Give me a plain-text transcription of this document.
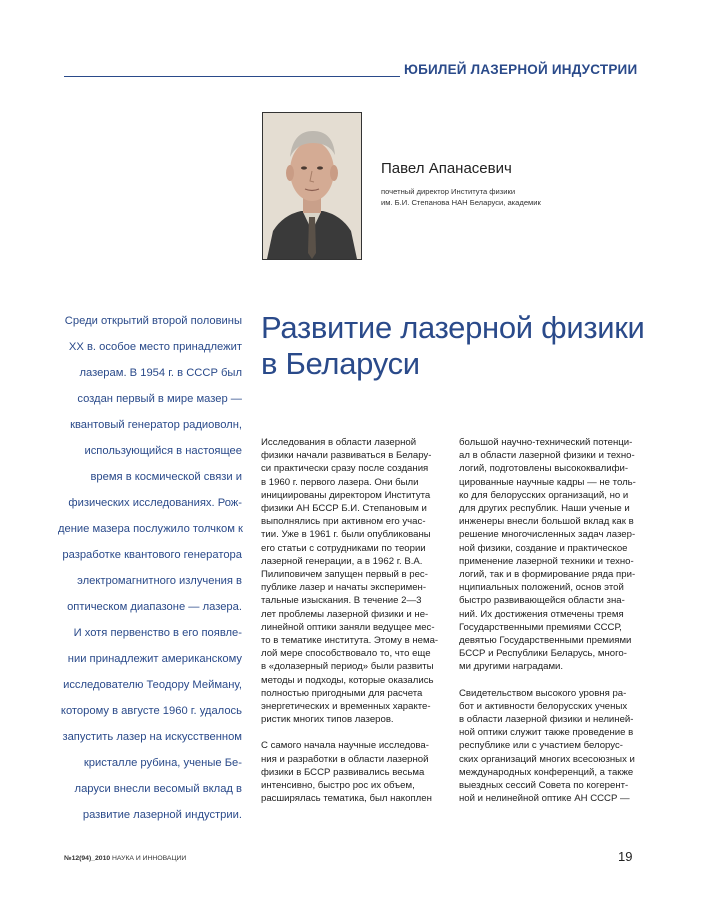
ЮБИЛЕЙ ЛАЗЕРНОЙ ИНДУСТРИИ
Павел Апанасевич
почетный директор Института физики
им. Б.И. Степанова НАН Беларуси, академик
Среди открытий второй половины
XX в. особое место принадлежит
лазерам. В 1954 г. в СССР был
создан первый в мире мазер —
квантовый генератор радиоволн,
использующийся в настоящее
время в космической связи и
физических исследованиях. Рож-
дение мазера послужило толчком к
разработке квантового генератора
электромагнитного излучения в
оптическом диапазоне — лазера.
И хотя первенство в его появле-
нии принадлежит американскому
исследователю Теодору Мейману,
которому в августе 1960 г. удалось
запустить лазер на искусственном
кристалле рубина, ученые Бе-
ларуси внесли весомый вклад в
развитие лазерной индустрии.
Развитие лазерной физики
в Беларуси
Исследования в области лазерной
физики начали развиваться в Белару-
си практически сразу после создания
в 1960 г. первого лазера. Они были
инициированы директором Института
физики АН БССР Б.И. Степановым и
выполнялись при активном его учас-
тии. Уже в 1961 г. были опубликованы
его статьи с сотрудниками по теории
лазерной генерации, а в 1962 г. В.А.
Пилиповичем запущен первый в рес-
публике лазер и начаты эксперимен-
тальные изыскания. В течение 2—3
лет проблемы лазерной физики и не-
линейной оптики заняли ведущее мес-
то в тематике института. Этому в нема-
лой мере способствовало то, что еще
в «долазерный период» были развиты
методы и подходы, которые оказались
полностью пригодными для расчета
энергетических и временных характе-
ристик многих типов лазеров.
С самого начала научные исследова-
ния и разработки в области лазерной
физики в БССР развивались весьма
интенсивно, быстро рос их объем,
расширялась тематика, был накоплен
большой научно-технический потенци-
ал в области лазерной физики и техно-
логий, подготовлены высококвалифи-
цированные научные кадры — не толь-
ко для белорусских организаций, но и
для других республик. Наши ученые и
инженеры внесли большой вклад как в
решение многочисленных задач лазер-
ной физики, создание и практическое
применение лазерной техники и техно-
логий, так и в формирование ряда при-
нципиальных положений, основ этой
быстро развивающейся области зна-
ний. Их достижения отмечены тремя
Государственными премиями СССР,
девятью Государственными премиями
БССР и Республики Беларусь, много-
ми другими наградами.
Свидетельством высокого уровня ра-
бот и активности белорусских ученых
в области лазерной физики и нелиней-
ной оптики служит также проведение в
республике или с участием белорус-
ских организаций многих всесоюзных и
международных конференций, а также
выездных сессий Совета по когерент-
ной и нелинейной оптике АН СССР —
№12(94)_2010 НАУКА И ИННОВАЦИИ	19
